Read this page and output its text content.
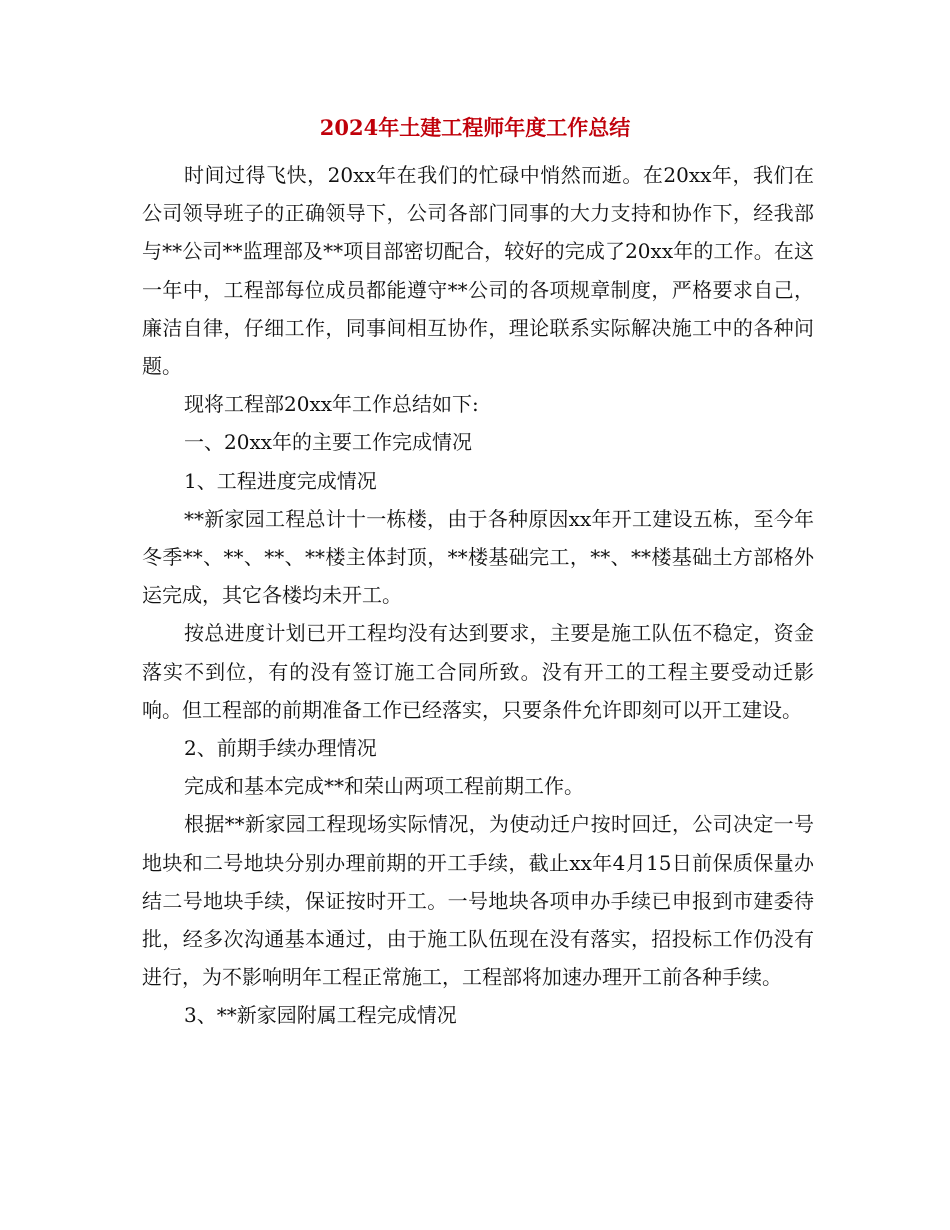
2024年土建工程师年度工作总结

时间过得飞快，20xx年在我们的忙碌中悄然而逝。在20xx年，我们在公司领导班子的正确领导下，公司各部门同事的大力支持和协作下，经我部与**公司**监理部及**项目部密切配合，较好的完成了20xx年的工作。在这一年中，工程部每位成员都能遵守**公司的各项规章制度，严格要求自己，廉洁自律，仔细工作，同事间相互协作，理论联系实际解决施工中的各种问题。

现将工程部20xx年工作总结如下:

一、20xx年的主要工作完成情况

1、工程进度完成情况

**新家园工程总计十一栋楼，由于各种原因xx年开工建设五栋，至今年冬季**、**、**、**楼主体封顶，**楼基础完工，**、**楼基础土方部格外运完成，其它各楼均未开工。

按总进度计划已开工程均没有达到要求，主要是施工队伍不稳定，资金落实不到位，有的没有签订施工合同所致。没有开工的工程主要受动迁影响。但工程部的前期准备工作已经落实，只要条件允许即刻可以开工建设。

2、前期手续办理情况

完成和基本完成**和荣山两项工程前期工作。

根据**新家园工程现场实际情况，为使动迁户按时回迁，公司决定一号地块和二号地块分别办理前期的开工手续，截止xx年4月15日前保质保量办结二号地块手续，保证按时开工。一号地块各项申办手续已申报到市建委待批，经多次沟通基本通过，由于施工队伍现在没有落实，招投标工作仍没有进行，为不影响明年工程正常施工，工程部将加速办理开工前各种手续。

3、**新家园附属工程完成情况
